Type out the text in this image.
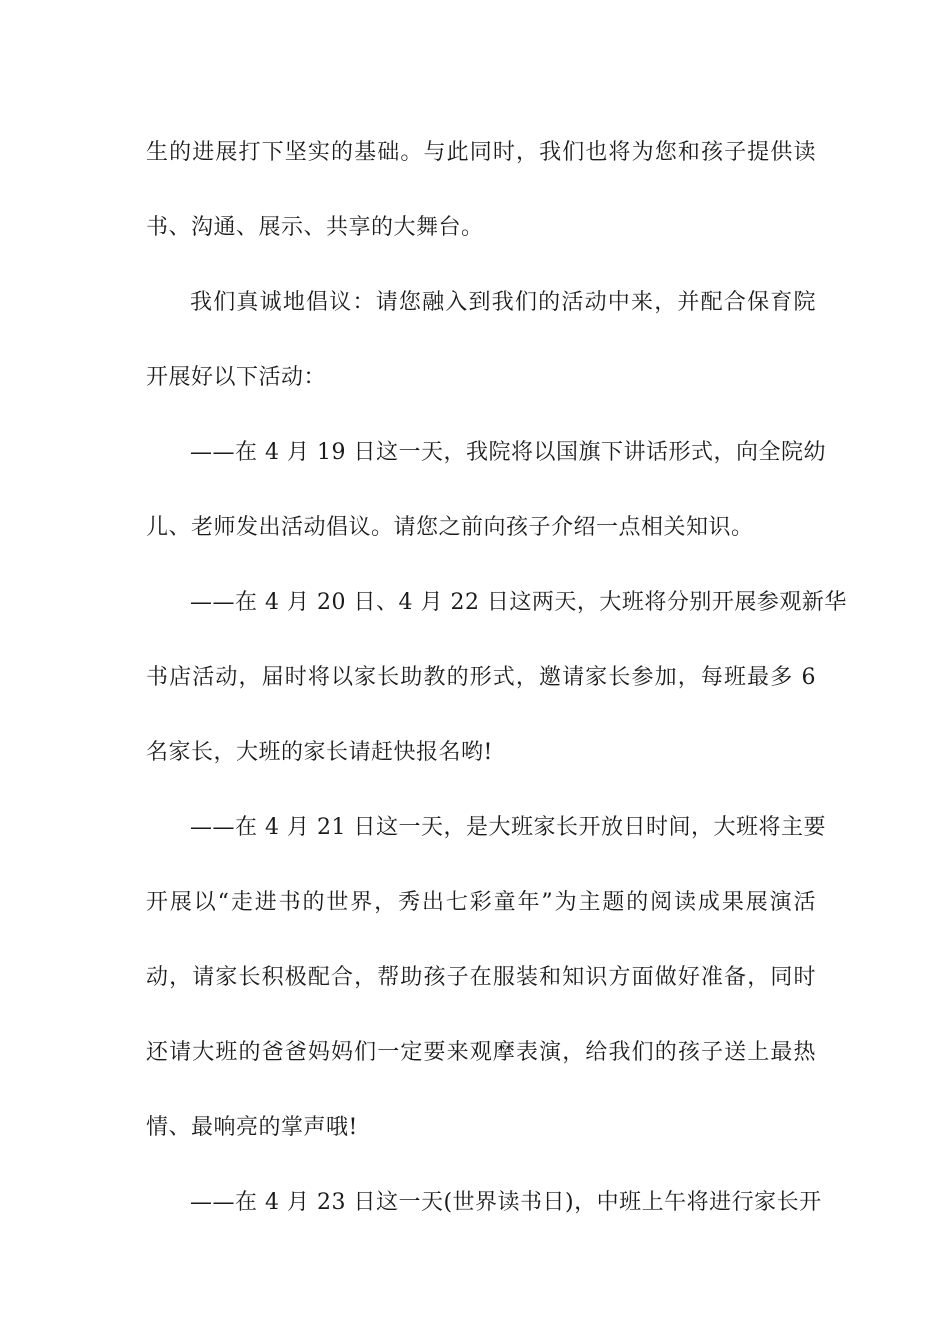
生的进展打下坚实的基础。与此同时，我们也将为您和孩子提供读
书、沟通、展示、共享的大舞台。
我们真诚地倡议：请您融入到我们的活动中来，并配合保育院
开展好以下活动：
——在 4 月 19 日这一天，我院将以国旗下讲话形式，向全院幼
儿、老师发出活动倡议。请您之前向孩子介绍一点相关知识。
——在 4 月 20 日、4 月 22 日这两天，大班将分别开展参观新华
书店活动，届时将以家长助教的形式，邀请家长参加，每班最多 6
名家长，大班的家长请赶快报名哟!
——在 4 月 21 日这一天，是大班家长开放日时间，大班将主要
开展以“走进书的世界，秀出七彩童年”为主题的阅读成果展演活
动，请家长积极配合，帮助孩子在服装和知识方面做好准备，同时
还请大班的爸爸妈妈们一定要来观摩表演，给我们的孩子送上最热
情、最响亮的掌声哦!
——在 4 月 23 日这一天(世界读书日)，中班上午将进行家长开
